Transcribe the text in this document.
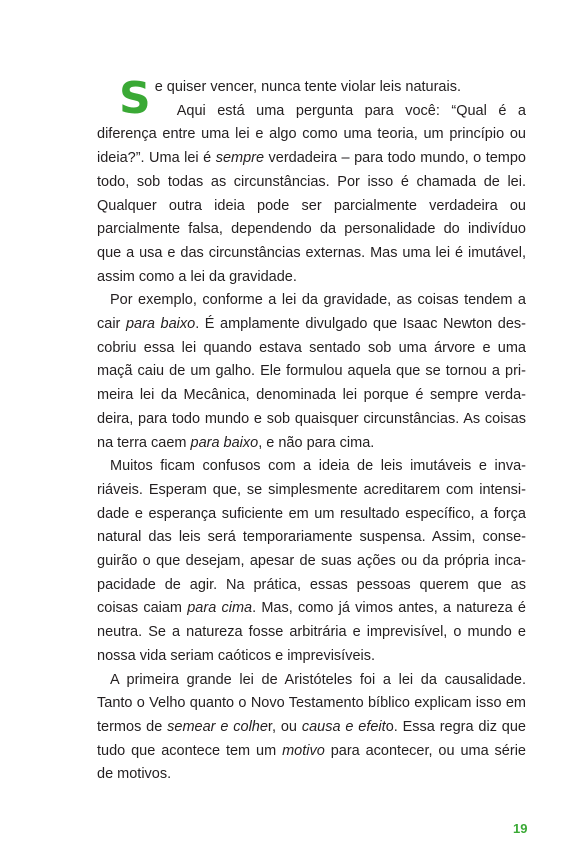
Se quiser vencer, nunca tente violar leis naturais.
Aqui está uma pergunta para você: “Qual é a diferença entre uma lei e algo como uma teoria, um princípio ou ideia?”. Uma lei é sempre verdadeira – para todo mundo, o tempo todo, sob todas as circunstâncias. Por isso é chamada de lei. Qualquer outra ideia pode ser parcialmente verdadeira ou parcialmente falsa, dependendo da personalidade do indivíduo que a usa e das circunstâncias externas. Mas uma lei é imutável, assim como a lei da gravidade.

Por exemplo, conforme a lei da gravidade, as coisas tendem a cair para baixo. É amplamente divulgado que Isaac Newton descobriu essa lei quando estava sentado sob uma árvore e uma maçã caiu de um galho. Ele formulou aquela que se tornou a primeira lei da Mecânica, denominada lei porque é sempre verdadeira, para todo mundo e sob quaisquer circunstâncias. As coisas na terra caem para baixo, e não para cima.

Muitos ficam confusos com a ideia de leis imutáveis e invariáveis. Esperam que, se simplesmente acreditarem com intensidade e esperança suficiente em um resultado específico, a força natural das leis será temporariamente suspensa. Assim, conseguirão o que desejam, apesar de suas ações ou da própria incapacidade de agir. Na prática, essas pessoas querem que as coisas caiam para cima. Mas, como já vimos antes, a natureza é neutra. Se a natureza fosse arbitrária e imprevisível, o mundo e nossa vida seriam caóticos e imprevisíveis.

A primeira grande lei de Aristóteles foi a lei da causalidade. Tanto o Velho quanto o Novo Testamento bíblico explicam isso em termos de semear e colher, ou causa e efeito. Essa regra diz que tudo que acontece tem um motivo para acontecer, ou uma série de motivos.

19
